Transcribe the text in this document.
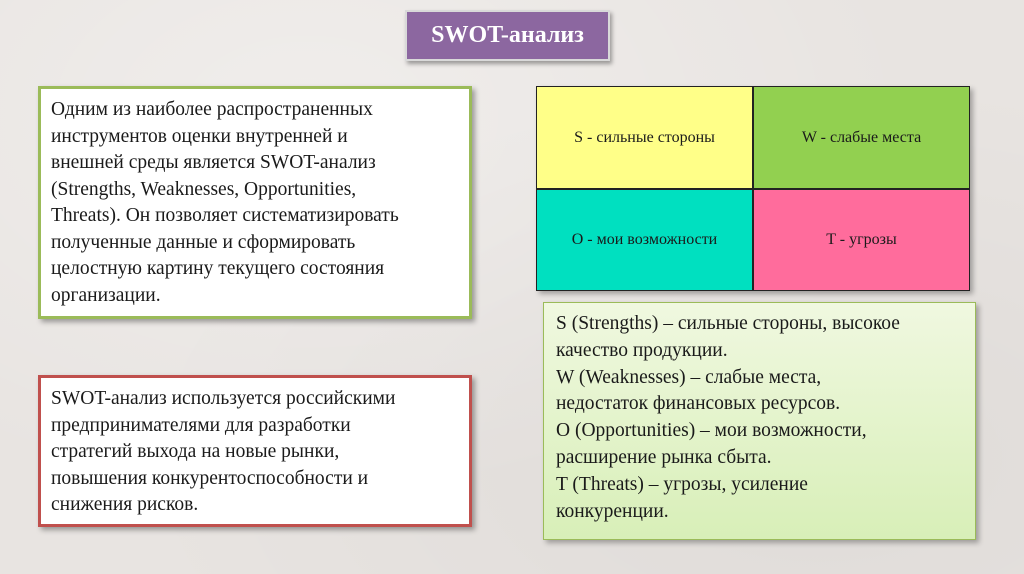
SWOT-анализ
Одним из наиболее распространенных
инструментов оценки внутренней и
внешней среды является SWOT-анализ
(Strengths, Weaknesses, Opportunities,
Threats). Он позволяет систематизировать
полученные данные и сформировать
целостную картину текущего состояния
организации.
SWOT-анализ используется российскими
предпринимателями для разработки
стратегий выхода на новые рынки,
повышения конкурентоспособности и
снижения рисков.
S - сильные стороны	W - слабые места
О - мои возможности	T - угрозы
S (Strengths) – сильные стороны, высокое
качество продукции.
W (Weaknesses) – слабые места,
недостаток финансовых ресурсов.
O (Opportunities) – мои возможности,
расширение рынка сбыта.
T (Threats) – угрозы, усиление
конкуренции.
